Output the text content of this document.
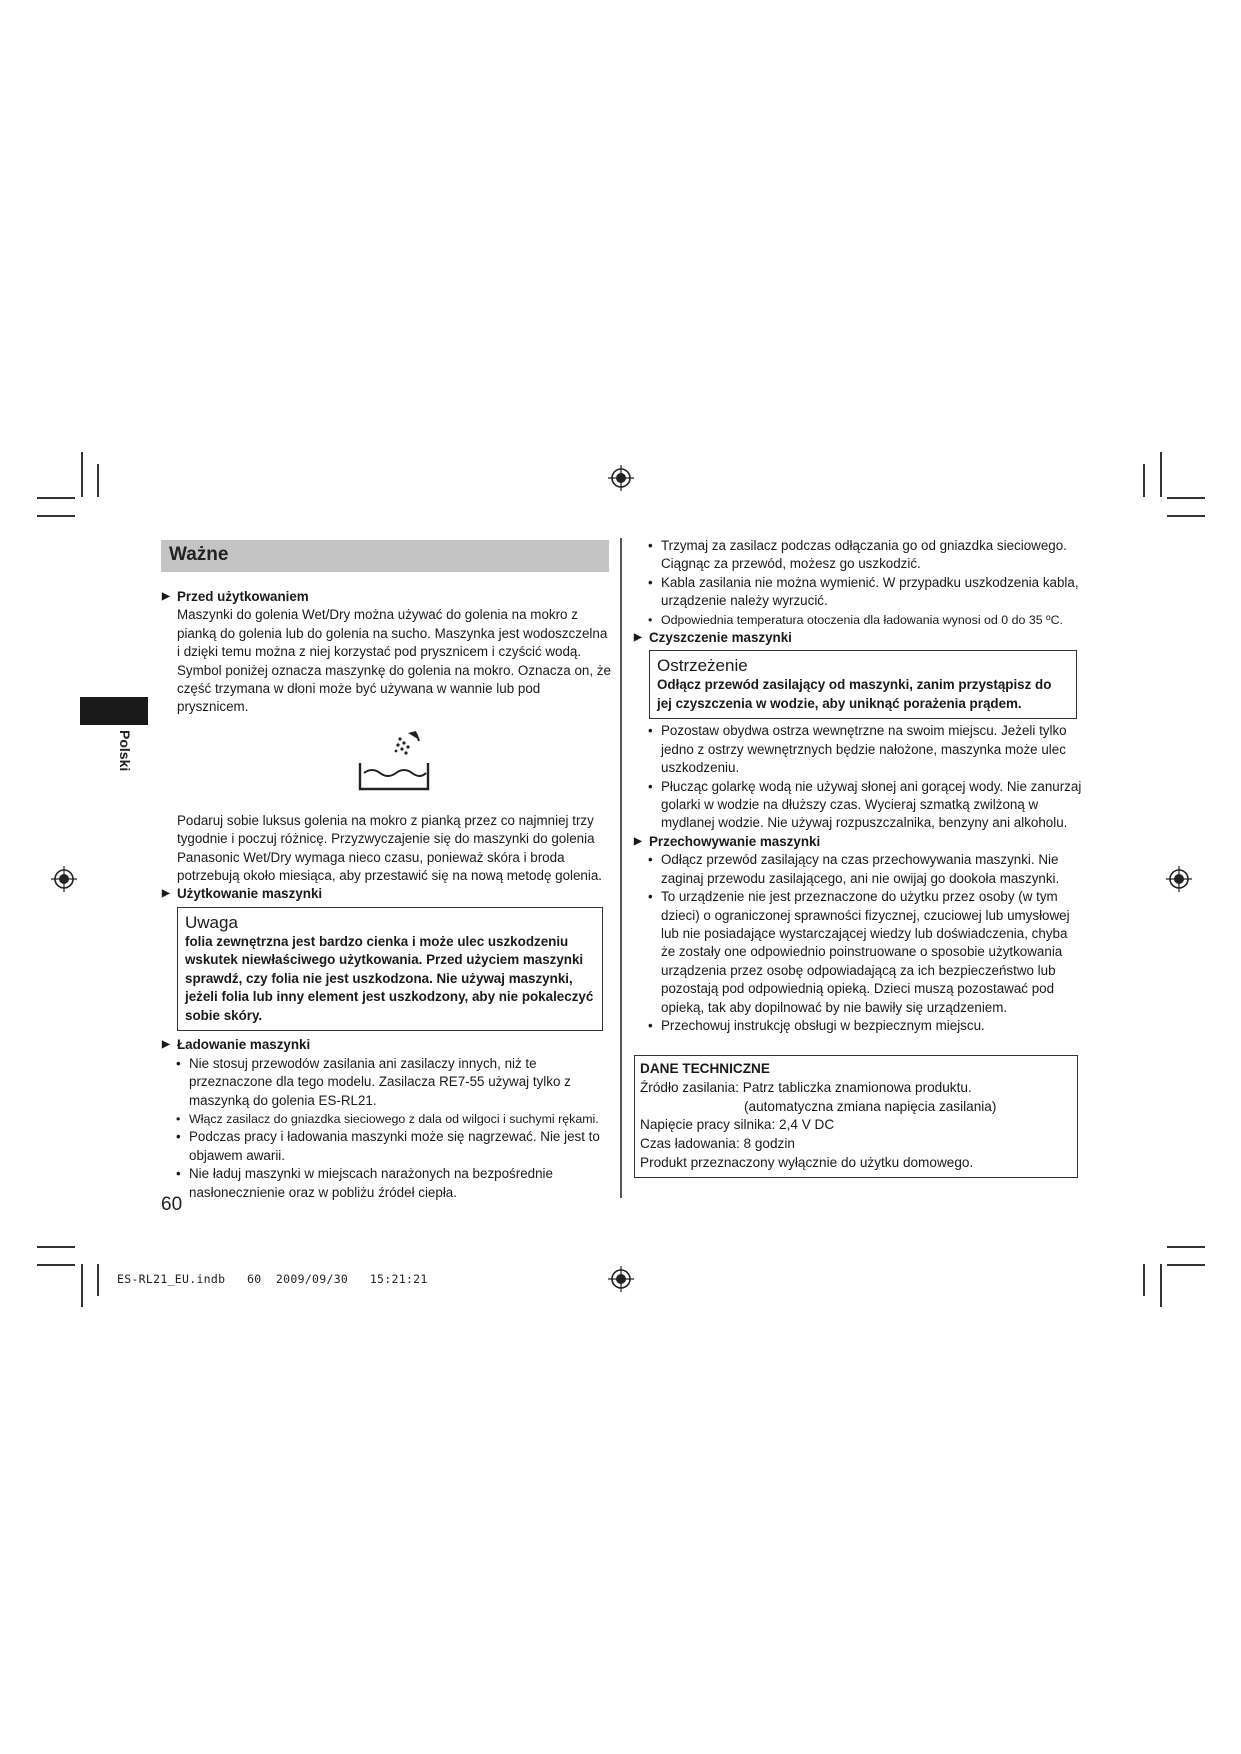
Ważne
Polski

▶ Przed użytkowaniem

Maszynki do golenia Wet/Dry można używać do golenia na mokro z pianką do golenia lub do golenia na sucho. Maszynka jest wodoszczelna i dzięki temu można z niej korzystać pod prysznicem i czyścić wodą. Symbol poniżej oznacza maszynkę do golenia na mokro. Oznacza on, że część trzymana w dłoni może być używana w wannie lub pod prysznicem.

Podaruj sobie luksus golenia na mokro z pianką przez co najmniej trzy tygodnie i poczuj różnicę. Przyzwyczajenie się do maszynki do golenia Panasonic Wet/Dry wymaga nieco czasu, ponieważ skóra i broda potrzebują około miesiąca, aby przestawić się na nową metodę golenia.

▶ Użytkowanie maszynki

Uwaga
folia zewnętrzna jest bardzo cienka i może ulec uszkodzeniu wskutek niewłaściwego użytkowania. Przed użyciem maszynki sprawdź, czy folia nie jest uszkodzona. Nie używaj maszynki, jeżeli folia lub inny element jest uszkodzony, aby nie pokaleczyć sobie skóry.

▶ Ładowanie maszynki

• Nie stosuj przewodów zasilania ani zasilaczy innych, niż te przeznaczone dla tego modelu. Zasilacza RE7-55 używaj tylko z maszynką do golenia ES-RL21.
• Włącz zasilacz do gniazdka sieciowego z dala od wilgoci i suchymi rękami.
• Podczas pracy i ładowania maszynki może się nagrzewać. Nie jest to objawem awarii.
• Nie ładuj maszynki w miejscach narażonych na bezpośrednie nasłonecznienie oraz w pobliżu źródeł ciepła.
• Trzymaj za zasilacz podczas odłączania go od gniazdka sieciowego. Ciągnąc za przewód, możesz go uszkodzić.
• Kabla zasilania nie można wymienić. W przypadku uszkodzenia kabla, urządzenie należy wyrzucić.
• Odpowiednia temperatura otoczenia dla ładowania wynosi od 0 do 35 ºC.

▶ Czyszczenie maszynki

Ostrzeżenie
Odłącz przewód zasilający od maszynki, zanim przystąpisz do jej czyszczenia w wodzie, aby uniknąć porażenia prądem.
• Pozostaw obydwa ostrza wewnętrzne na swoim miejscu. Jeżeli tylko jedno z ostrzy wewnętrznych będzie nałożone, maszynka może ulec uszkodzeniu.
• Płucząc golarkę wodą nie używaj słonej ani gorącej wody. Nie zanurzaj golarki w wodzie na dłuższy czas. Wycieraj szmatką zwilżoną w mydlanej wodzie. Nie używaj rozpuszczalnika, benzyny ani alkoholu.

▶ Przechowywanie maszynki

• Odłącz przewód zasilający na czas przechowywania maszynki. Nie zaginaj przewodu zasilającego, ani nie owijaj go dookoła maszynki.
• To urządzenie nie jest przeznaczone do użytku przez osoby (w tym dzieci) o ograniczonej sprawności fizycznej, czuciowej lub umysłowej lub nie posiadające wystarczającej wiedzy lub doświadczenia, chyba że zostały one odpowiednio poinstruowane o sposobie użytkowania urządzenia przez osobę odpowiadającą za ich bezpieczeństwo lub pozostają pod odpowiednią opieką. Dzieci muszą pozostawać pod opieką, tak aby dopilnować by nie bawiły się urządzeniem.
• Przechowuj instrukcję obsługi w bezpiecznym miejscu.
DANE TECHNICZNE
Źródło zasilania: Patrz tabliczka znamionowa produktu.
(automatyczna zmiana napięcia zasilania)
Napięcie pracy silnika: 2,4 V DC
Czas ładowania: 8 godzin
Produkt przeznaczony wyłącznie do użytku domowego.
60
ES-RL21_EU.indb   60  2009/09/30   15:21:21
